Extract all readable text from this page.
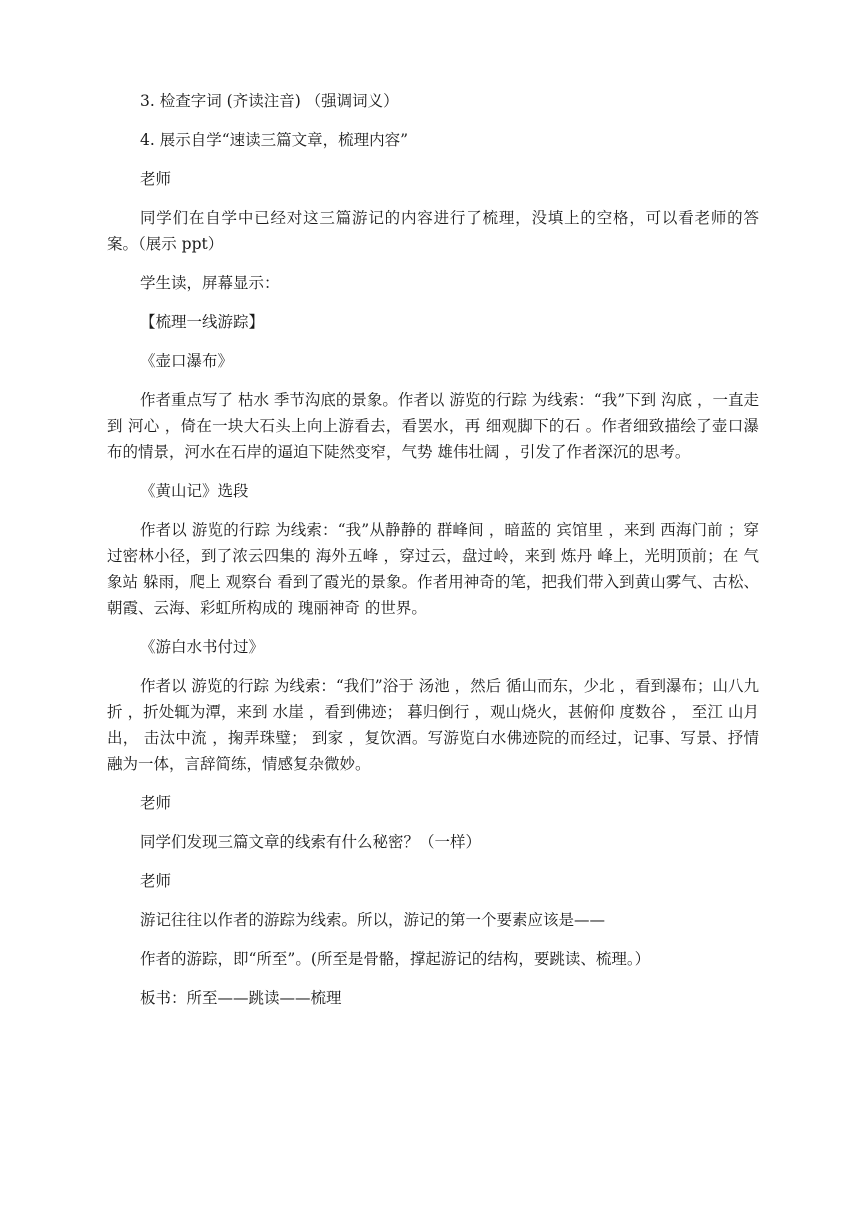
3. 检查字词 (齐读注音) （强调词义）

4. 展示自学“速读三篇文章，梳理内容”

老师

同学们在自学中已经对这三篇游记的内容进行了梳理，没填上的空格，可以看老师的答案。（展示 ppt）

学生读，屏幕显示：

【梳理一线游踪】

《壶口瀑布》

作者重点写了 枯水 季节沟底的景象。作者以 游览的行踪 为线索：“我”下到 沟底 ，一直走到 河心 ，倚在一块大石头上向上游看去，看罢水，再 细观脚下的石 。作者细致描绘了壶口瀑布的情景，河水在石岸的逼迫下陡然变窄，气势 雄伟壮阔 ，引发了作者深沉的思考。

《黄山记》选段

作者以 游览的行踪 为线索：“我”从静静的 群峰间 ，暗蓝的 宾馆里 ，来到 西海门前 ；穿过密林小径，到了浓云四集的 海外五峰 ，穿过云，盘过岭，来到 炼丹 峰上，光明顶前；在 气象站 躲雨，爬上 观察台 看到了霞光的景象。作者用神奇的笔，把我们带入到黄山雾气、古松、朝霞、云海、彩虹所构成的 瑰丽神奇 的世界。

《游白水书付过》

作者以 游览的行踪 为线索：“我们”浴于 汤池 ，然后 循山而东，少北 ，看到瀑布；山八九折 ，折处辄为潭，来到 水崖 ，看到佛迹； 暮归倒行 ，观山烧火，甚俯仰 度数谷 ， 至江 山月出， 击汰中流 ，掬弄珠璧； 到家 ，复饮酒。写游览白水佛迹院的而经过，记事、写景、抒情融为一体，言辞简练，情感复杂微妙。

老师

同学们发现三篇文章的线索有什么秘密？（一样）

老师

游记往往以作者的游踪为线索。所以，游记的第一个要素应该是——

作者的游踪，即“所至”。(所至是骨骼，撑起游记的结构，要跳读、梳理。）

板书：所至——跳读——梳理
